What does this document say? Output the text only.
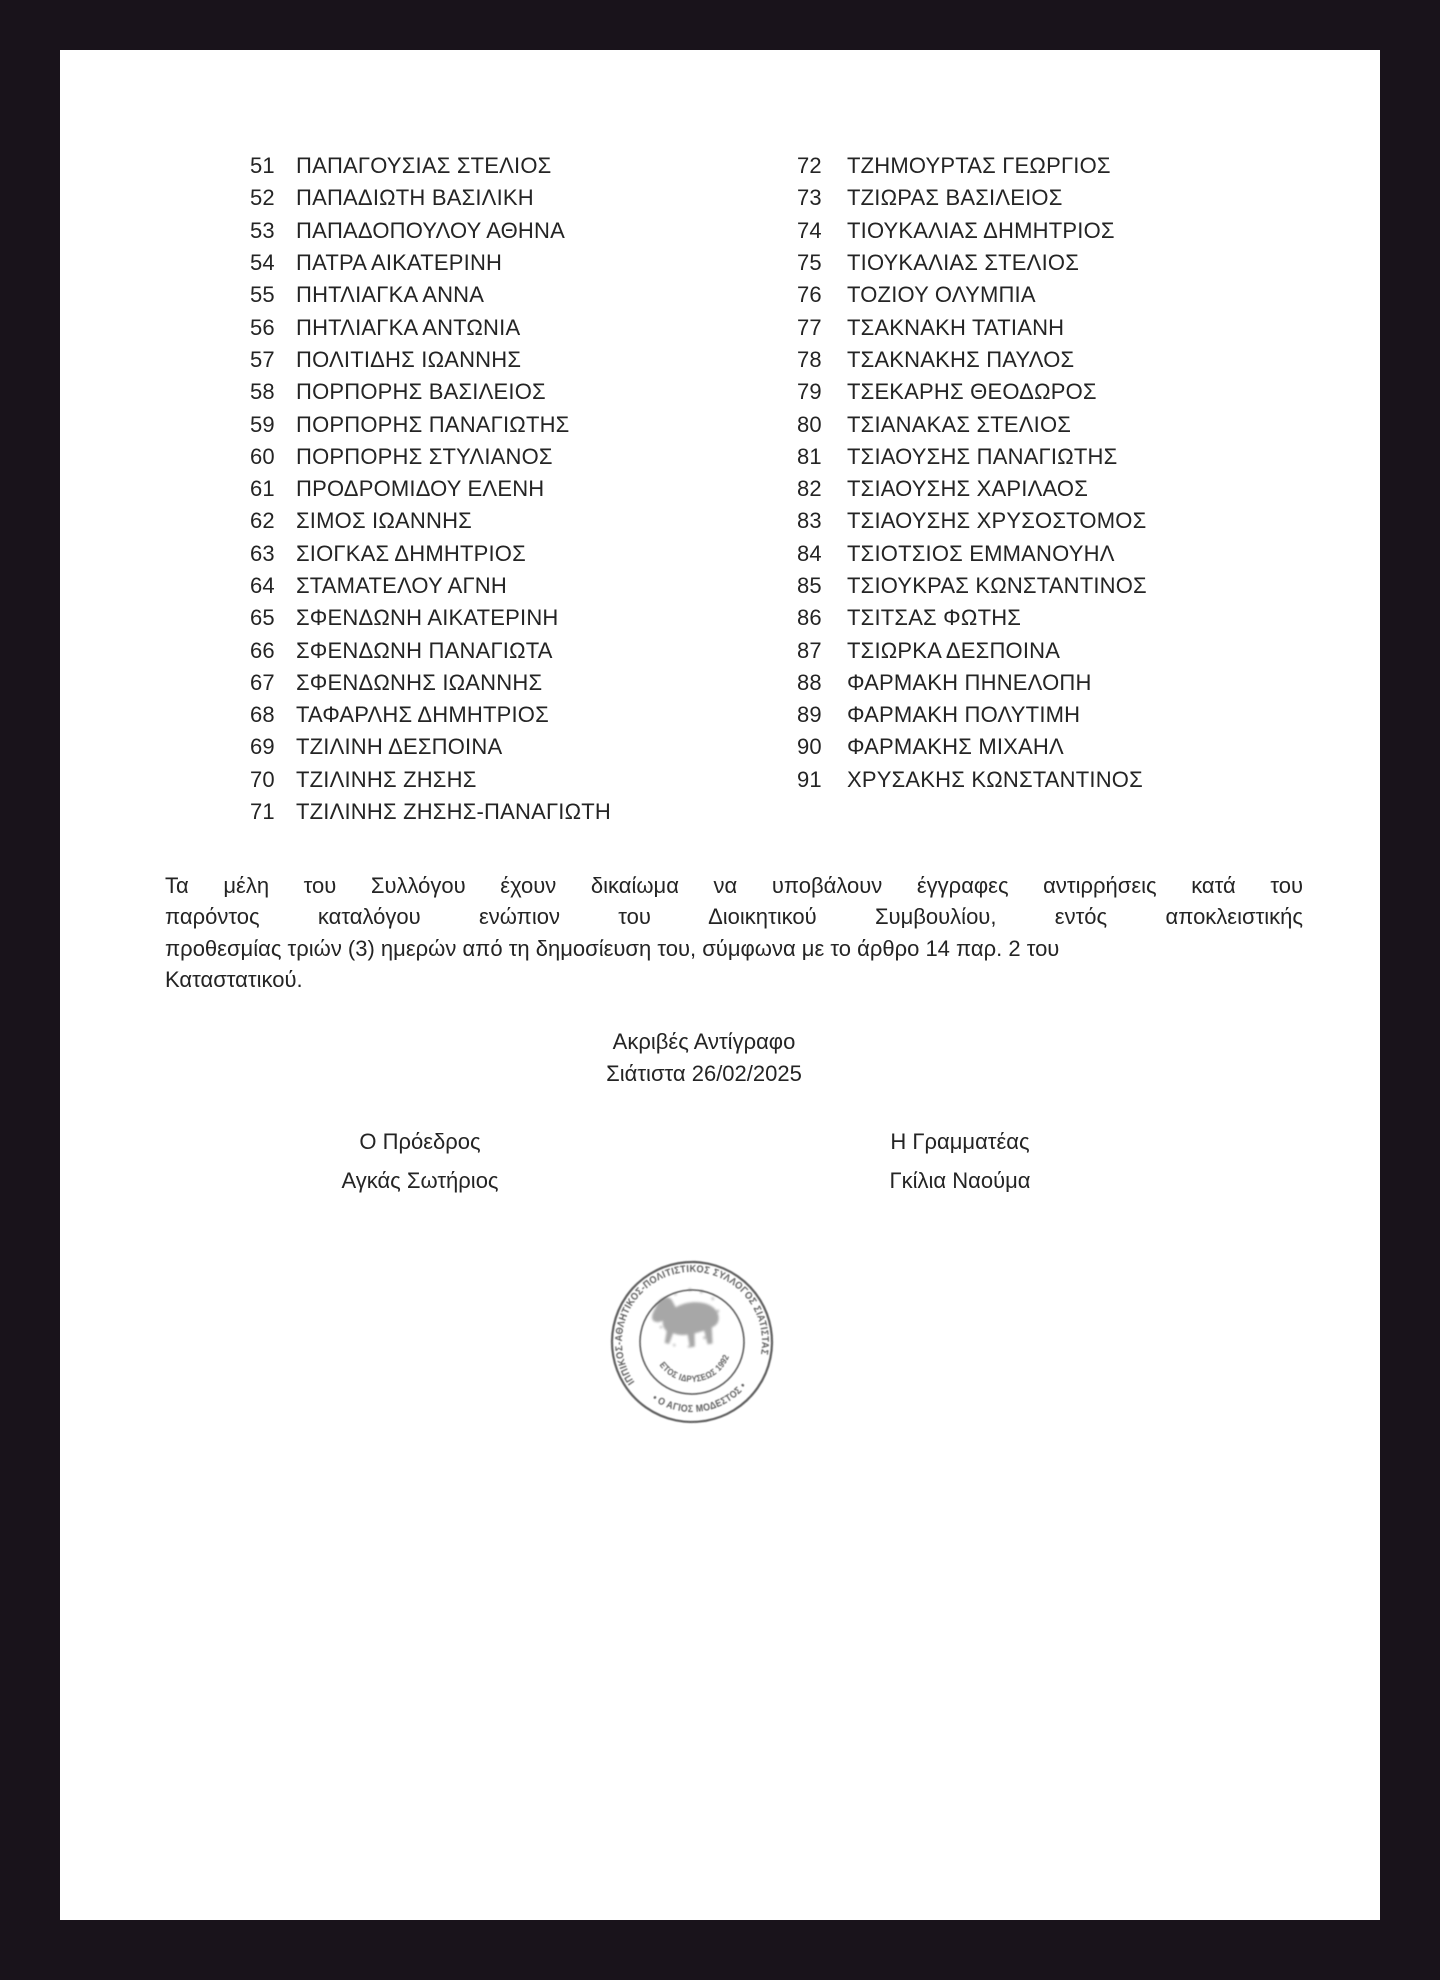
51 ΠΑΠΑΓΟΥΣΙΑΣ ΣΤΕΛΙΟΣ
52 ΠΑΠΑΔΙΩΤΗ ΒΑΣΙΛΙΚΗ
53 ΠΑΠΑΔΟΠΟΥΛΟΥ ΑΘΗΝΑ
54 ΠΑΤΡΑ ΑΙΚΑΤΕΡΙΝΗ
55 ΠΗΤΛΙΑΓΚΑ ΑΝΝΑ
56 ΠΗΤΛΙΑΓΚΑ ΑΝΤΩΝΙΑ
57 ΠΟΛΙΤΙΔΗΣ ΙΩΑΝΝΗΣ
58 ΠΟΡΠΟΡΗΣ ΒΑΣΙΛΕΙΟΣ
59 ΠΟΡΠΟΡΗΣ ΠΑΝΑΓΙΩΤΗΣ
60 ΠΟΡΠΟΡΗΣ ΣΤΥΛΙΑΝΟΣ
61 ΠΡΟΔΡΟΜΙΔΟΥ ΕΛΕΝΗ
62 ΣΙΜΟΣ ΙΩΑΝΝΗΣ
63 ΣΙΟΓΚΑΣ ΔΗΜΗΤΡΙΟΣ
64 ΣΤΑΜΑΤΕΛΟΥ ΑΓΝΗ
65 ΣΦΕΝΔΩΝΗ ΑΙΚΑΤΕΡΙΝΗ
66 ΣΦΕΝΔΩΝΗ ΠΑΝΑΓΙΩΤΑ
67 ΣΦΕΝΔΩΝΗΣ ΙΩΑΝΝΗΣ
68 ΤΑΦΑΡΛΗΣ ΔΗΜΗΤΡΙΟΣ
69 ΤΖΙΛΙΝΗ ΔΕΣΠΟΙΝΑ
70 ΤΖΙΛΙΝΗΣ ΖΗΣΗΣ
71 ΤΖΙΛΙΝΗΣ ΖΗΣΗΣ-ΠΑΝΑΓΙΩΤΗ
72	ΤΖΗΜΟΥΡΤΑΣ ΓΕΩΡΓΙΟΣ
73	ΤΖΙΩΡΑΣ ΒΑΣΙΛΕΙΟΣ
74	ΤΙΟΥΚΑΛΙΑΣ ΔΗΜΗΤΡΙΟΣ
75	ΤΙΟΥΚΑΛΙΑΣ ΣΤΕΛΙΟΣ
76	ΤΟΖΙΟΥ ΟΛΥΜΠΙΑ
77	ΤΣΑΚΝΑΚΗ ΤΑΤΙΑΝΗ
78	ΤΣΑΚΝΑΚΗΣ ΠΑΥΛΟΣ
79	ΤΣΕΚΑΡΗΣ ΘΕΟΔΩΡΟΣ
80	ΤΣΙΑΝΑΚΑΣ ΣΤΕΛΙΟΣ
81	ΤΣΙΑΟΥΣΗΣ ΠΑΝΑΓΙΩΤΗΣ
82	ΤΣΙΑΟΥΣΗΣ ΧΑΡΙΛΑΟΣ
83	ΤΣΙΑΟΥΣΗΣ ΧΡΥΣΟΣΤΟΜΟΣ
84	ΤΣΙΟΤΣΙΟΣ ΕΜΜΑΝΟΥΗΛ
85	ΤΣΙΟΥΚΡΑΣ ΚΩΝΣΤΑΝΤΙΝΟΣ
86	ΤΣΙΤΣΑΣ ΦΩΤΗΣ
87	ΤΣΙΩΡΚΑ ΔΕΣΠΟΙΝΑ
88	ΦΑΡΜΑΚΗ ΠΗΝΕΛΟΠΗ
89	ΦΑΡΜΑΚΗ ΠΟΛΥΤΙΜΗ
90	ΦΑΡΜΑΚΗΣ ΜΙΧΑΗΛ
91	ΧΡΥΣΑΚΗΣ ΚΩΝΣΤΑΝΤΙΝΟΣ
Τα μέλη του Συλλόγου έχουν δικαίωμα να υποβάλουν έγγραφες αντιρρήσεις κατά του
παρόντος καταλόγου ενώπιον του Διοικητικού Συμβουλίου, εντός αποκλειστικής
προθεσμίας τριών (3) ημερών από τη δημοσίευση του, σύμφωνα με το άρθρο 14 παρ. 2 του
Καταστατικού.
Ακριβές Αντίγραφο
Σιάτιστα 26/02/2025
Ο Πρόεδρος
Αγκάς Σωτήριος
Η Γραμματέας
Γκίλια Ναούμα
ΙΠΠΙΚΟΣ-ΑΘΛΗΤΙΚΟΣ-ΠΟΛΙΤΙΣΤΙΚΟΣ ΣΥΛΛΟΓΟΣ ΣΙΑΤΙΣΤΑΣ
• Ο ΑΓΙΟΣ ΜΟΔΕΣΤΟΣ •
ΕΤΟΣ ΙΔΡΥΣΕΩΣ 1992
